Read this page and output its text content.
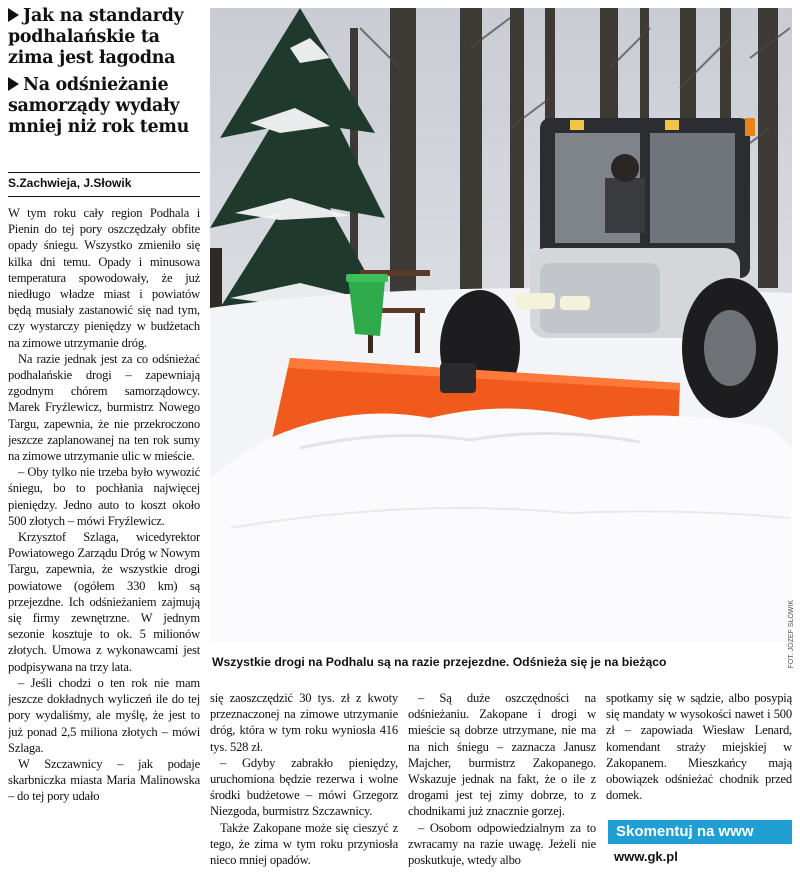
Jak na standardy podhalańskie ta zima jest łagodna
Na odśnieżanie samorządy wydały mniej niż rok temu
S.Zachwieja, J.Słowik

W tym roku cały region Podhala i Pienin do tej pory oszczędzały obfite opady śniegu. Wszystko zmieniło się kilka dni temu. Opady i minusowa temperatura spowodowały, że już niedługo władze miast i powiatów będą musiały zastanowić się nad tym, czy wystarczy pieniędzy w budżetach na zimowe utrzymanie dróg.

Na razie jednak jest za co odśnieżać podhalańskie drogi – zapewniają zgodnym chórem samorządowcy. Marek Fryźlewicz, burmistrz Nowego Targu, zapewnia, że nie przekroczono jeszcze zaplanowanej na ten rok sumy na zimowe utrzymanie ulic w mieście.

– Oby tylko nie trzeba było wywozić śniegu, bo to pochłania najwięcej pieniędzy. Jedno auto to koszt około 500 złotych – mówi Fryźlewicz.

Krzysztof Szlaga, wicedyrektor Powiatowego Zarządu Dróg w Nowym Targu, zapewnia, że wszystkie drogi powiatowe (ogółem 330 km) są przejezdne. Ich odśnieżaniem zajmują się firmy zewnętrzne. W jednym sezonie kosztuje to ok. 5 milionów złotych. Umowa z wykonawcami jest podpisywana na trzy lata.

– Jeśli chodzi o ten rok nie mam jeszcze dokładnych wyliczeń ile do tej pory wydaliśmy, ale myślę, że jest to już ponad 2,5 miliona złotych – mówi Szlaga.

W Szczawnicy – jak podaje skarbniczka miasta Maria Malinowska – do tej pory udało

FOT. JÓZEF SŁOWIK
Wszystkie drogi na Podhalu są na razie przejezdne. Odśnieża się je na bieżąco

się zaoszczędzić 30 tys. zł z kwoty przeznaczonej na zimowe utrzymanie dróg, która w tym roku wyniosła 416 tys. 528 zł.

– Gdyby zabrakło pieniędzy, uruchomiona będzie rezerwa i wolne środki budżetowe – mówi Grzegorz Niezgoda, burmistrz Szczawnicy.

Także Zakopane może się cieszyć z tego, że zima w tym roku przyniosła nieco mniej opadów.

– Są duże oszczędności na odśnieżaniu. Zakopane i drogi w mieście są dobrze utrzymane, nie ma na nich śniegu – zaznacza Janusz Majcher, burmistrz Zakopanego. Wskazuje jednak na fakt, że o ile z drogami jest tej zimy dobrze, to z chodnikami już znacznie gorzej.

– Osobom odpowiedzialnym za to zwracamy na razie uwagę. Jeżeli nie poskutkuje, wtedy albo

spotkamy się w sądzie, albo posypią się mandaty w wysokości nawet i 500 zł – zapowiada Wiesław Lenard, komendant straży miejskiej w Zakopanem. Mieszkańcy mają obowiązek odśnieżać chodnik przed domek.

Skomentuj na www
www.gk.pl
